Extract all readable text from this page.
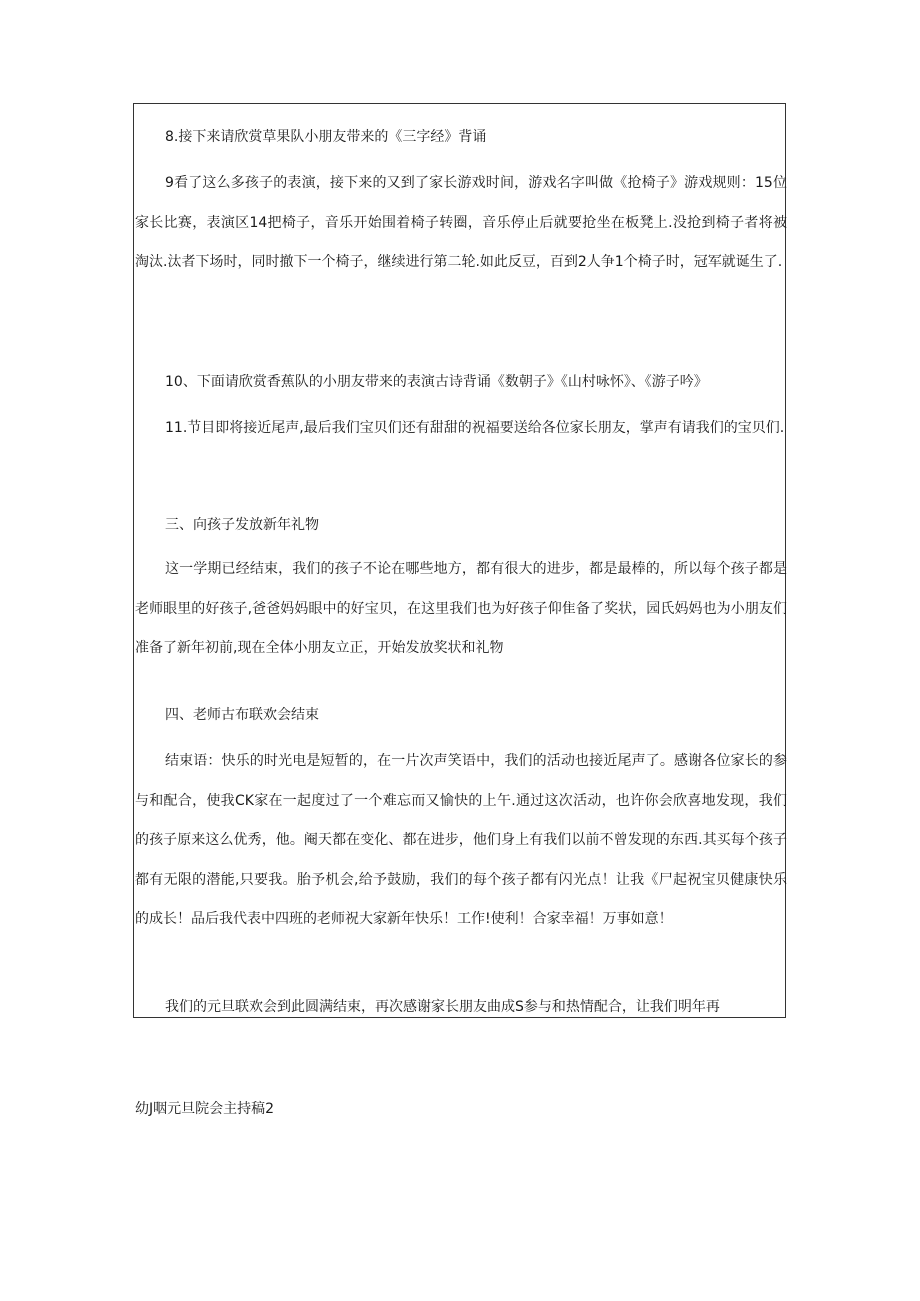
8.接下来请欣赏草果队小朋友带来的《三字经》背诵

9看了这么多孩子的表演，接下来的又到了家长游戏时间，游戏名字叫做《抢椅子》游戏规则：15位家长比赛，表演区14把椅子，音乐开始围着椅子转圈，音乐停止后就要抢坐在板凳上.没抢到椅子者将被淘汰.汰者下场时，同时撤下一个椅子，继续进行第二轮.如此反豆，百到2人争1个椅子时，冠军就诞生了.

10、下面请欣赏香蕉队的小朋友带来的表演古诗背诵《数朝子》《山村咏怀》、《游子吟》

11.节目即将接近尾声,最后我们宝贝们还有甜甜的祝福要送给各位家长朋友，掌声有请我们的宝贝们.

三、向孩子发放新年礼物

这一学期已经结束，我们的孩子不论在哪些地方，都有很大的进步，都是最棒的，所以每个孩子都是老师眼里的好孩子,爸爸妈妈眼中的好宝贝，在这里我们也为好孩子仰隹备了奖状，园氏妈妈也为小朋友们准备了新年初前,现在全体小朋友立正，开始发放奖状和礼物

四、老师古布联欢会结束

结束语：快乐的时光电是短暂的，在一片次声笑语中，我们的活动也接近尾声了。感谢各位家长的参与和配合，使我CK家在一起度过了一个难忘而又愉快的上午.通过这次活动，也许你会欣喜地发现，我们的孩子原来这么优秀，他。阉天都在变化、都在进步，他们身上有我们以前不曾发现的东西.其买每个孩子都有无限的潜能,只要我。胎予机会,给予鼓励，我们的每个孩子都有闪光点！让我《尸起祝宝贝健康快乐的成长！品后我代表中四班的老师祝大家新年快乐！工作!使利！合家幸福！万事如意！

我们的元旦联欢会到此圆满结束，再次感谢家长朋友曲成S参与和热情配合，让我们明年再

幼J咽元旦院会主持稿2
